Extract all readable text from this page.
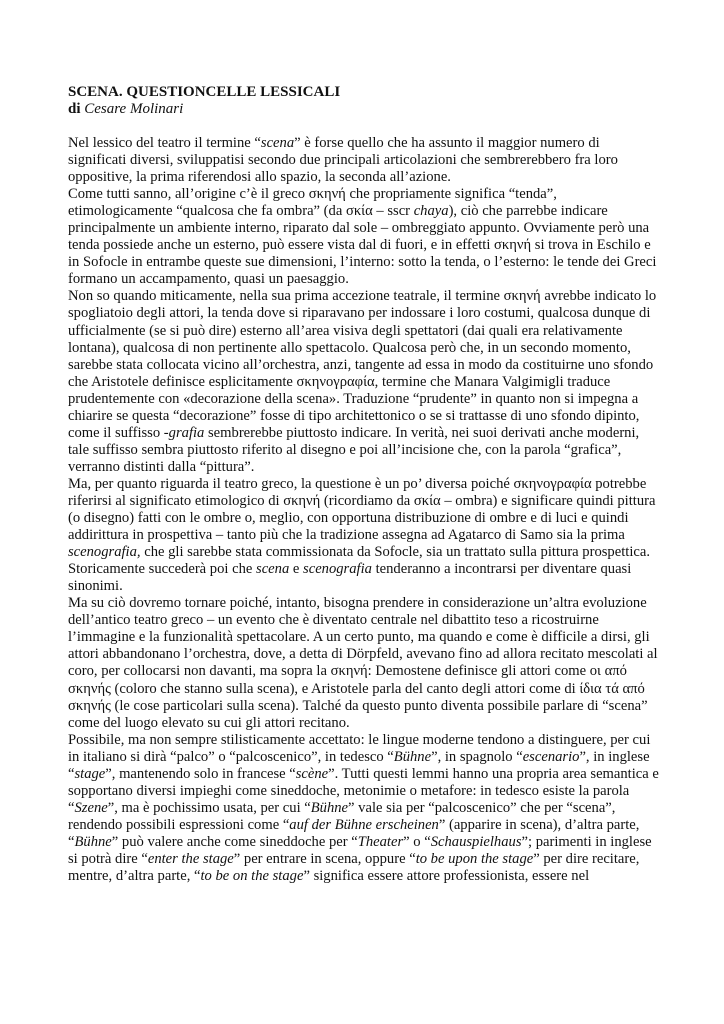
SCENA. QUESTIONCELLE LESSICALI
di Cesare Molinari

Nel lessico del teatro il termine “scena” è forse quello che ha assunto il maggior numero di significati diversi, sviluppatisi secondo due principali articolazioni che sembrerebbero fra loro oppositive, la prima riferendosi allo spazio, la seconda all’azione.

Come tutti sanno, all’origine c’è il greco σκηνή che propriamente significa “tenda”, etimologicamente “qualcosa che fa ombra” (da σκία – sscr chaya), ciò che parrebbe indicare principalmente un ambiente interno, riparato dal sole – ombreggiato appunto. Ovviamente però una tenda possiede anche un esterno, può essere vista dal di fuori, e in effetti σκηνή si trova in Eschilo e in Sofocle in entrambe queste sue dimensioni, l’interno: sotto la tenda, o l’esterno: le tende dei Greci formano un accampamento, quasi un paesaggio.

Non so quando miticamente, nella sua prima accezione teatrale, il termine σκηνή avrebbe indicato lo spogliatoio degli attori, la tenda dove si riparavano per indossare i loro costumi, qualcosa dunque di ufficialmente (se si può dire) esterno all’area visiva degli spettatori (dai quali era relativamente lontana), qualcosa di non pertinente allo spettacolo. Qualcosa però che, in un secondo momento, sarebbe stata collocata vicino all’orchestra, anzi, tangente ad essa in modo da costituirne uno sfondo che Aristotele definisce esplicitamente σκηνογραφία, termine che Manara Valgimigli traduce prudentemente con «decorazione della scena». Traduzione “prudente” in quanto non si impegna a chiarire se questa “decorazione” fosse di tipo architettonico o se si trattasse di uno sfondo dipinto, come il suffisso -grafia sembrerebbe piuttosto indicare. In verità, nei suoi derivati anche moderni, tale suffisso sembra piuttosto riferito al disegno e poi all’incisione che, con la parola “grafica”, verranno distinti dalla “pittura”.

Ma, per quanto riguarda il teatro greco, la questione è un po’ diversa poiché σκηνογραφία potrebbe riferirsi al significato etimologico di σκηνή (ricordiamo da σκία – ombra) e significare quindi pittura (o disegno) fatti con le ombre o, meglio, con opportuna distribuzione di ombre e di luci e quindi addirittura in prospettiva – tanto più che la tradizione assegna ad Agatarco di Samo sia la prima scenografia, che gli sarebbe stata commissionata da Sofocle, sia un trattato sulla pittura prospettica. Storicamente succederà poi che scena e scenografia tenderanno a incontrarsi per diventare quasi sinonimi.

Ma su ciò dovremo tornare poiché, intanto, bisogna prendere in considerazione un’altra evoluzione dell’antico teatro greco – un evento che è diventato centrale nel dibattito teso a ricostruirne l’immagine e la funzionalità spettacolare. A un certo punto, ma quando e come è difficile a dirsi, gli attori abbandonano l’orchestra, dove, a detta di Dörpfeld, avevano fino ad allora recitato mescolati al coro, per collocarsi non davanti, ma sopra la σκηνή: Demostene definisce gli attori come οι από σκηνής (coloro che stanno sulla scena), e Aristotele parla del canto degli attori come di ίδια τά από σκηνής (le cose particolari sulla scena). Talché da questo punto diventa possibile parlare di “scena” come del luogo elevato su cui gli attori recitano.

Possibile, ma non sempre stilisticamente accettato: le lingue moderne tendono a distinguere, per cui in italiano si dirà “palco” o “palcoscenico”, in tedesco “Bühne”, in spagnolo “escenario”, in inglese “stage”, mantenendo solo in francese “scène”. Tutti questi lemmi hanno una propria area semantica e sopportano diversi impieghi come sineddoche, metonimie o metafore: in tedesco esiste la parola “Szene”, ma è pochissimo usata, per cui “Bühne” vale sia per “palcoscenico” che per “scena”, rendendo possibili espressioni come “auf der Bühne erscheinen” (apparire in scena), d’altra parte, “Bühne” può valere anche come sineddoche per “Theater” o “Schauspielhaus”; parimenti in inglese si potrà dire “enter the stage” per entrare in scena, oppure “to be upon the stage” per dire recitare, mentre, d’altra parte, “to be on the stage” significa essere attore professionista, essere nel
